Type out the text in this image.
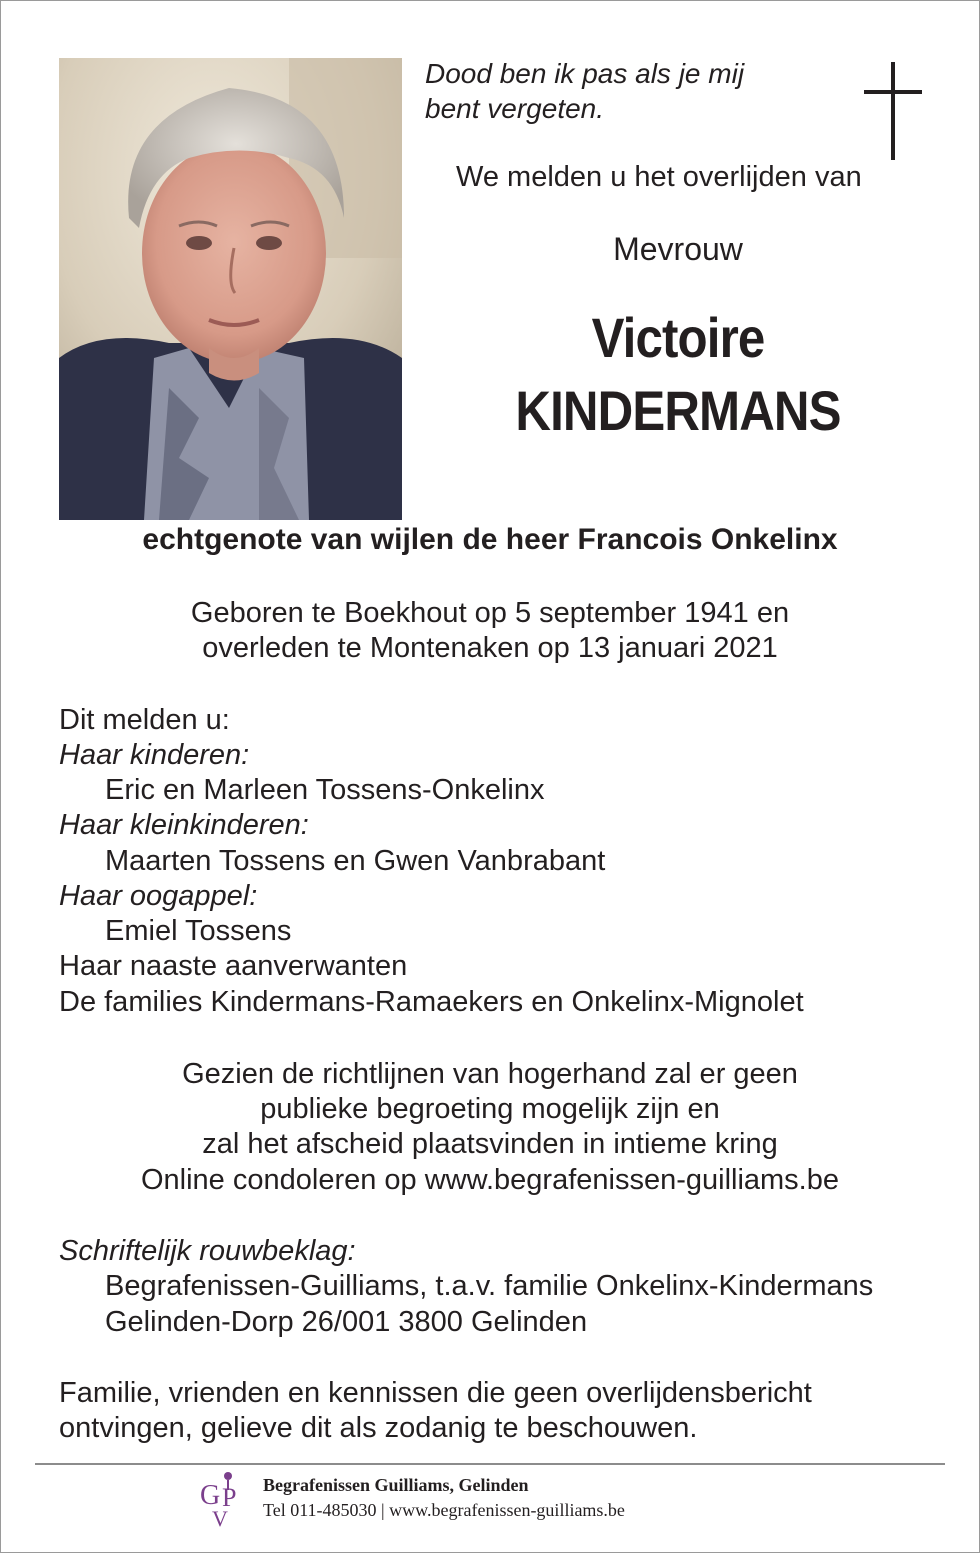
Dood ben ik pas als je mij
bent vergeten.

We melden u het overlijden van

Mevrouw

Victoire

KINDERMANS

echtgenote van wijlen de heer Francois Onkelinx

Geboren te Boekhout op 5 september 1941 en

overleden te Montenaken op 13 januari 2021

Dit melden u:

Haar kinderen:

Eric en Marleen Tossens-Onkelinx

Haar kleinkinderen:

Maarten Tossens en Gwen Vanbrabant

Haar oogappel:

Emiel Tossens

Haar naaste aanverwanten

De families Kindermans-Ramaekers en Onkelinx-Mignolet

Gezien de richtlijnen van hogerhand zal er geen

publieke begroeting mogelijk zijn en

zal het afscheid plaatsvinden in intieme kring

Online condoleren op www.begrafenissen-guilliams.be

Schriftelijk rouwbeklag:

Begrafenissen-Guilliams, t.a.v. familie Onkelinx-Kindermans

Gelinden-Dorp 26/001 3800 Gelinden

Familie, vrienden en kennissen die geen overlijdensbericht

ontvingen, gelieve dit als zodanig te beschouwen.

G P
V

Begrafenissen Guilliams, Gelinden

Tel 011-485030 | www.begrafenissen-guilliams.be
